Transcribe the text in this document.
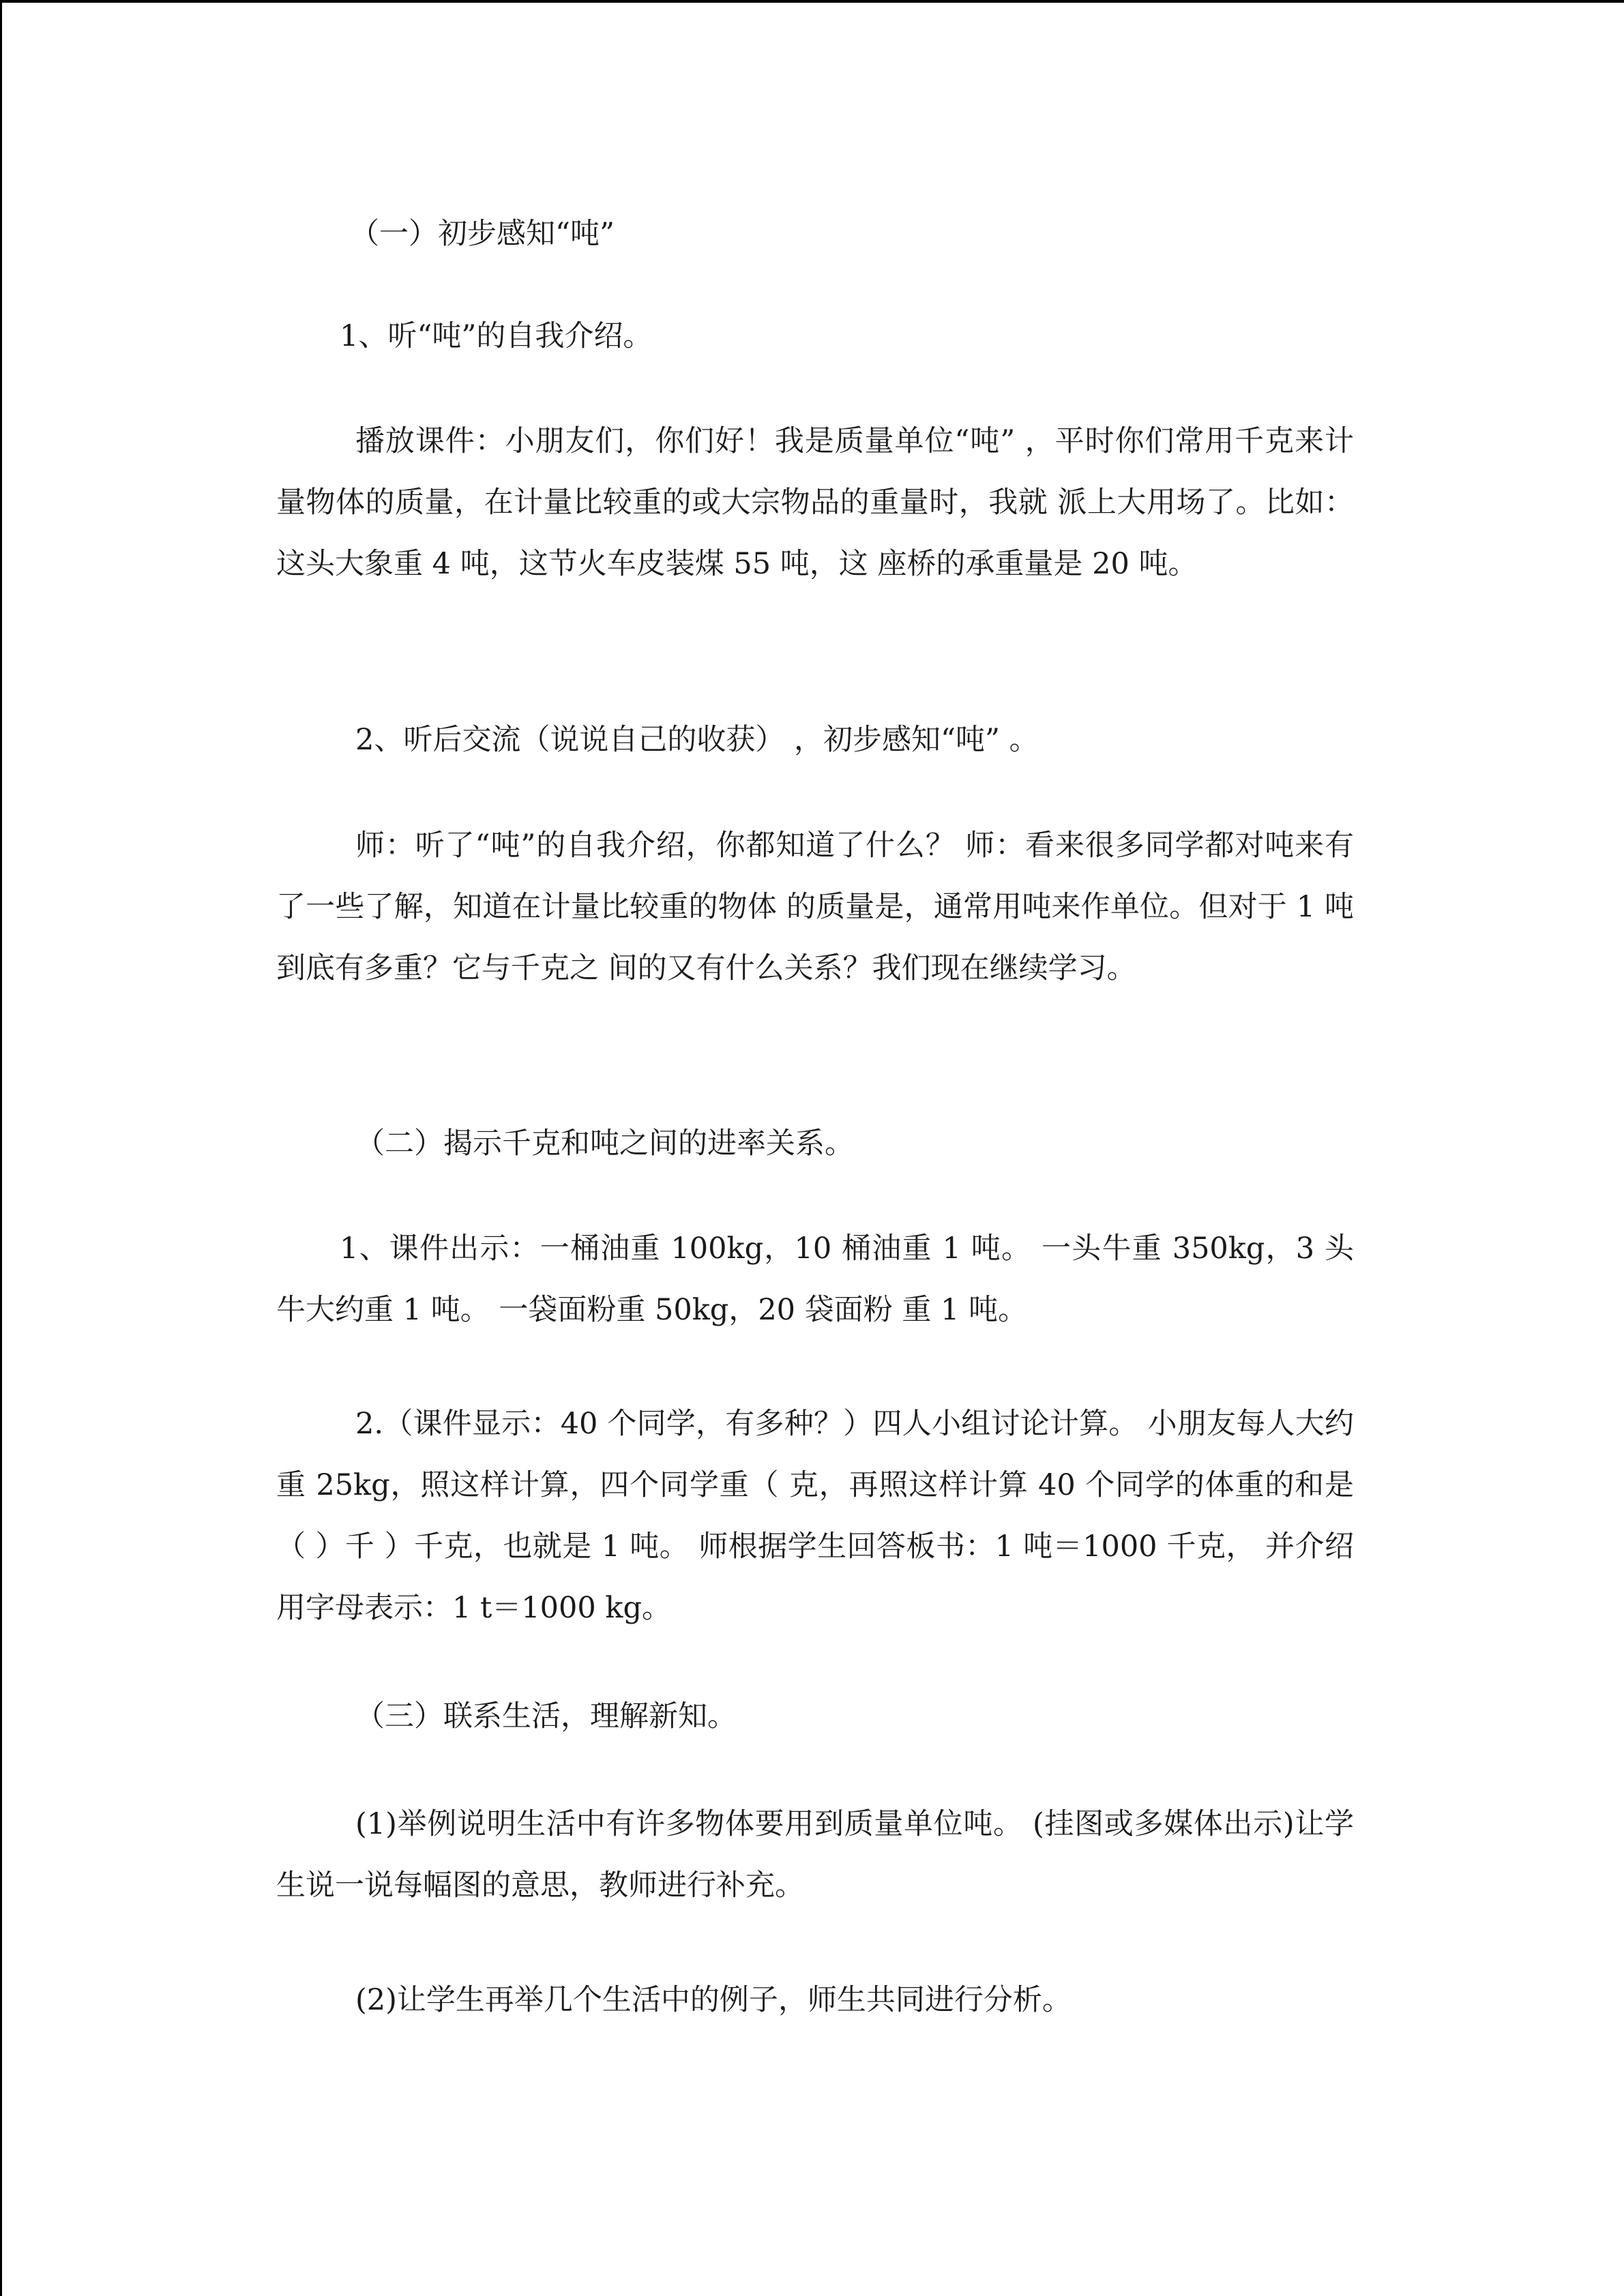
（一）初步感知“吨”
1、听“吨”的自我介绍。
播放课件：小朋友们，你们好！我是质量单位“吨” ，平时你们常用千克来计量物体的质量，在计量比较重的或大宗物品的重量时，我就 派上大用场了。比如：这头大象重 4 吨，这节火车皮装煤 55 吨，这 座桥的承重量是 20 吨。
2、听后交流（说说自己的收获） ，初步感知“吨” 。
师：听了“吨”的自我介绍，你都知道了什么？ 师：看来很多同学都对吨来有了一些了解，知道在计量比较重的物体 的质量是，通常用吨来作单位。但对于 1 吨到底有多重？它与千克之 间的又有什么关系？我们现在继续学习。
（二）揭示千克和吨之间的进率关系。
1、课件出示：一桶油重 100kg，10 桶油重 1 吨。 一头牛重 350kg，3 头牛大约重 1 吨。 一袋面粉重 50kg，20 袋面粉 重 1 吨。
2.（课件显示：40 个同学，有多种？）四人小组讨论计算。 小朋友每人大约重 25kg，照这样计算，四个同学重（ 克，再照这样计算 40 个同学的体重的和是（ ）千 ）千克，也就是 1 吨。 师根据学生回答板书：1 吨＝1000 千克， 并介绍用字母表示：1 t＝1000 kg。
（三）联系生活，理解新知。
(1)举例说明生活中有许多物体要用到质量单位吨。 (挂图或多媒体出示)让学生说一说每幅图的意思，教师进行补充。
(2)让学生再举几个生活中的例子，师生共同进行分析。
